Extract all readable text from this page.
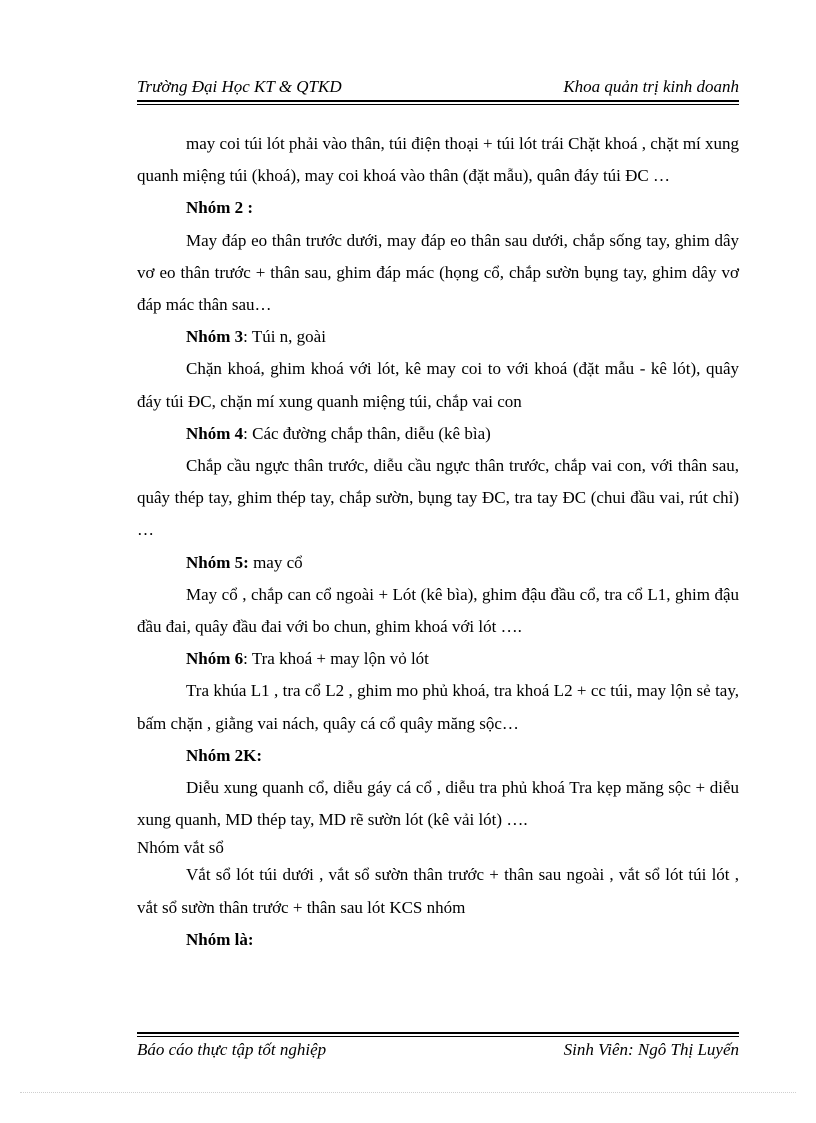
Trường Đại Học KT & QTKD	Khoa quản trị kinh doanh

may coi túi lót phải vào thân, túi điện thoại + túi lót trái Chặt khoá , chặt mí xung quanh miệng túi (khoá), may coi khoá vào thân (đặt mẫu), quân đáy túi ĐC …

Nhóm 2 :

May đáp eo thân trước dưới, may đáp eo thân sau dưới, chắp sống tay, ghim dây vơ eo thân trước + thân sau, ghim đáp mác (họng cổ, chắp sườn bụng tay, ghim dây vơ đáp mác thân sau…

Nhóm 3: Túi n, goài

Chặn khoá, ghim khoá với lót, kê may coi to với khoá (đặt mẫu - kê lót), quây đáy túi ĐC, chặn mí xung quanh miệng túi, chắp vai con

Nhóm 4: Các đường chắp thân, diễu (kê bìa)

Chắp cầu ngực thân trước, diễu cầu ngực thân trước, chắp vai con, với thân sau, quây thép tay, ghim thép tay, chắp sườn, bụng tay ĐC, tra tay ĐC (chui đầu vai, rút chỉ) …

Nhóm 5: may cổ

May cổ , chắp can cổ ngoài + Lót (kê bìa), ghim đậu đầu cổ, tra cổ L1, ghim đậu đầu đai, quây đầu đai với bo chun, ghim khoá với lót ….

Nhóm 6: Tra khoá + may lộn vỏ lót

Tra khúa L1 , tra cổ L2 , ghim mo phủ khoá, tra khoá L2 + cc túi, may lộn sẻ tay, bấm chặn , giằng vai nách, quây cá cổ quây măng sộc…

Nhóm 2K:

Diễu xung quanh cổ, diễu gáy cá cổ , diễu tra phủ khoá Tra kẹp măng sộc + diễu xung quanh, MD thép tay, MD rẽ sườn lót (kê vải lót) ….

Nhóm vắt sổ

Vắt sổ lót túi dưới , vắt sổ sườn thân trước + thân sau ngoài , vắt sổ lót túi lót , vắt sổ sườn thân trước + thân sau lót KCS nhóm

Nhóm là:

Báo cáo thực tập tốt nghiệp	Sinh Viên: Ngô Thị Luyến
